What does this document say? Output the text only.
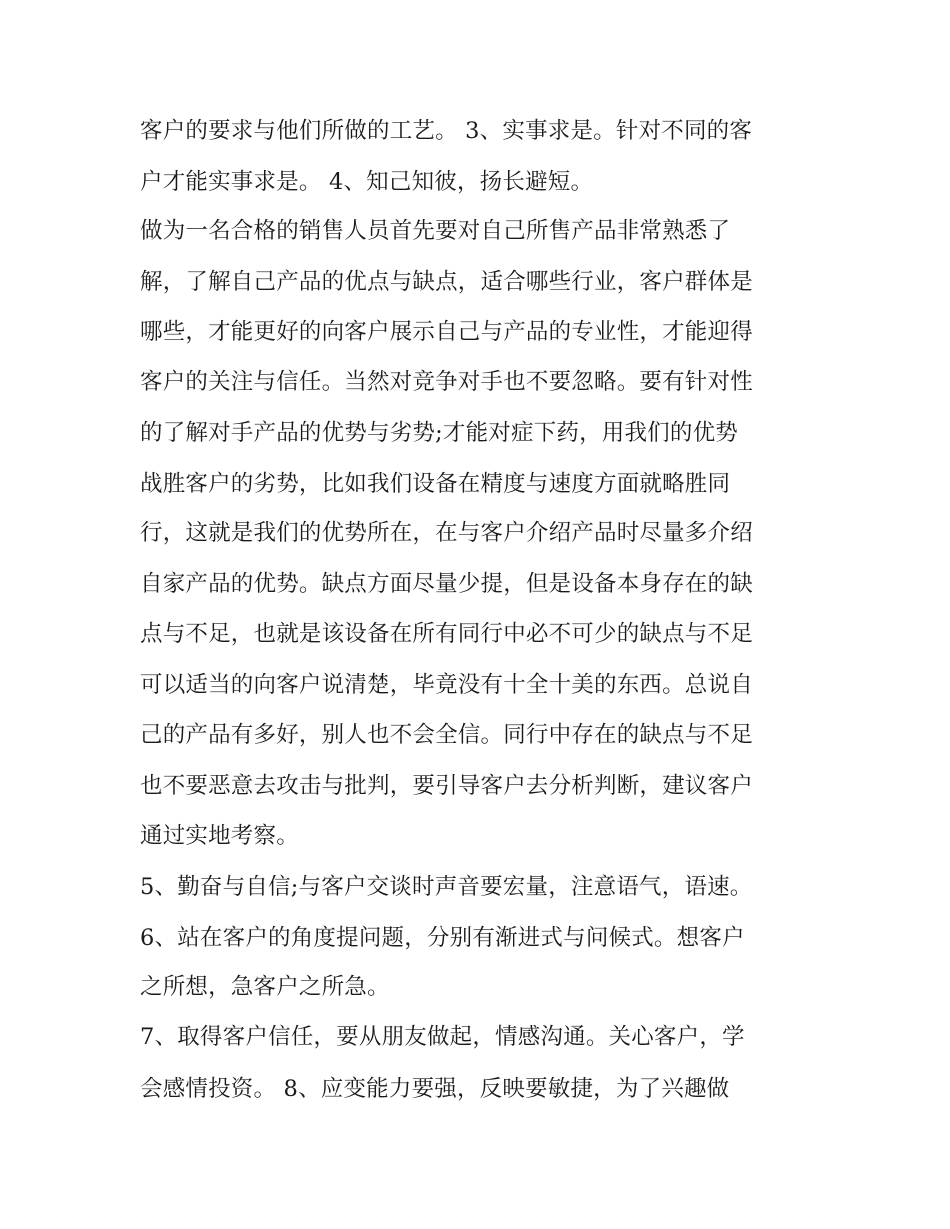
客户的要求与他们所做的工艺。 3、实事求是。针对不同的客
户才能实事求是。 4、知己知彼，扬长避短。
做为一名合格的销售人员首先要对自己所售产品非常熟悉了
解，了解自己产品的优点与缺点，适合哪些行业，客户群体是
哪些，才能更好的向客户展示自己与产品的专业性，才能迎得
客户的关注与信任。当然对竞争对手也不要忽略。要有针对性
的了解对手产品的优势与劣势;才能对症下药，用我们的优势
战胜客户的劣势，比如我们设备在精度与速度方面就略胜同
行，这就是我们的优势所在，在与客户介绍产品时尽量多介绍
自家产品的优势。缺点方面尽量少提，但是设备本身存在的缺
点与不足，也就是该设备在所有同行中必不可少的缺点与不足
可以适当的向客户说清楚，毕竟没有十全十美的东西。总说自
己的产品有多好，别人也不会全信。同行中存在的缺点与不足
也不要恶意去攻击与批判，要引导客户去分析判断，建议客户
通过实地考察。
5、勤奋与自信;与客户交谈时声音要宏量，注意语气，语速。
6、站在客户的角度提问题，分别有渐进式与问候式。想客户
之所想，急客户之所急。
7、取得客户信任，要从朋友做起，情感沟通。关心客户，学
会感情投资。 8、应变能力要强，反映要敏捷，为了兴趣做
